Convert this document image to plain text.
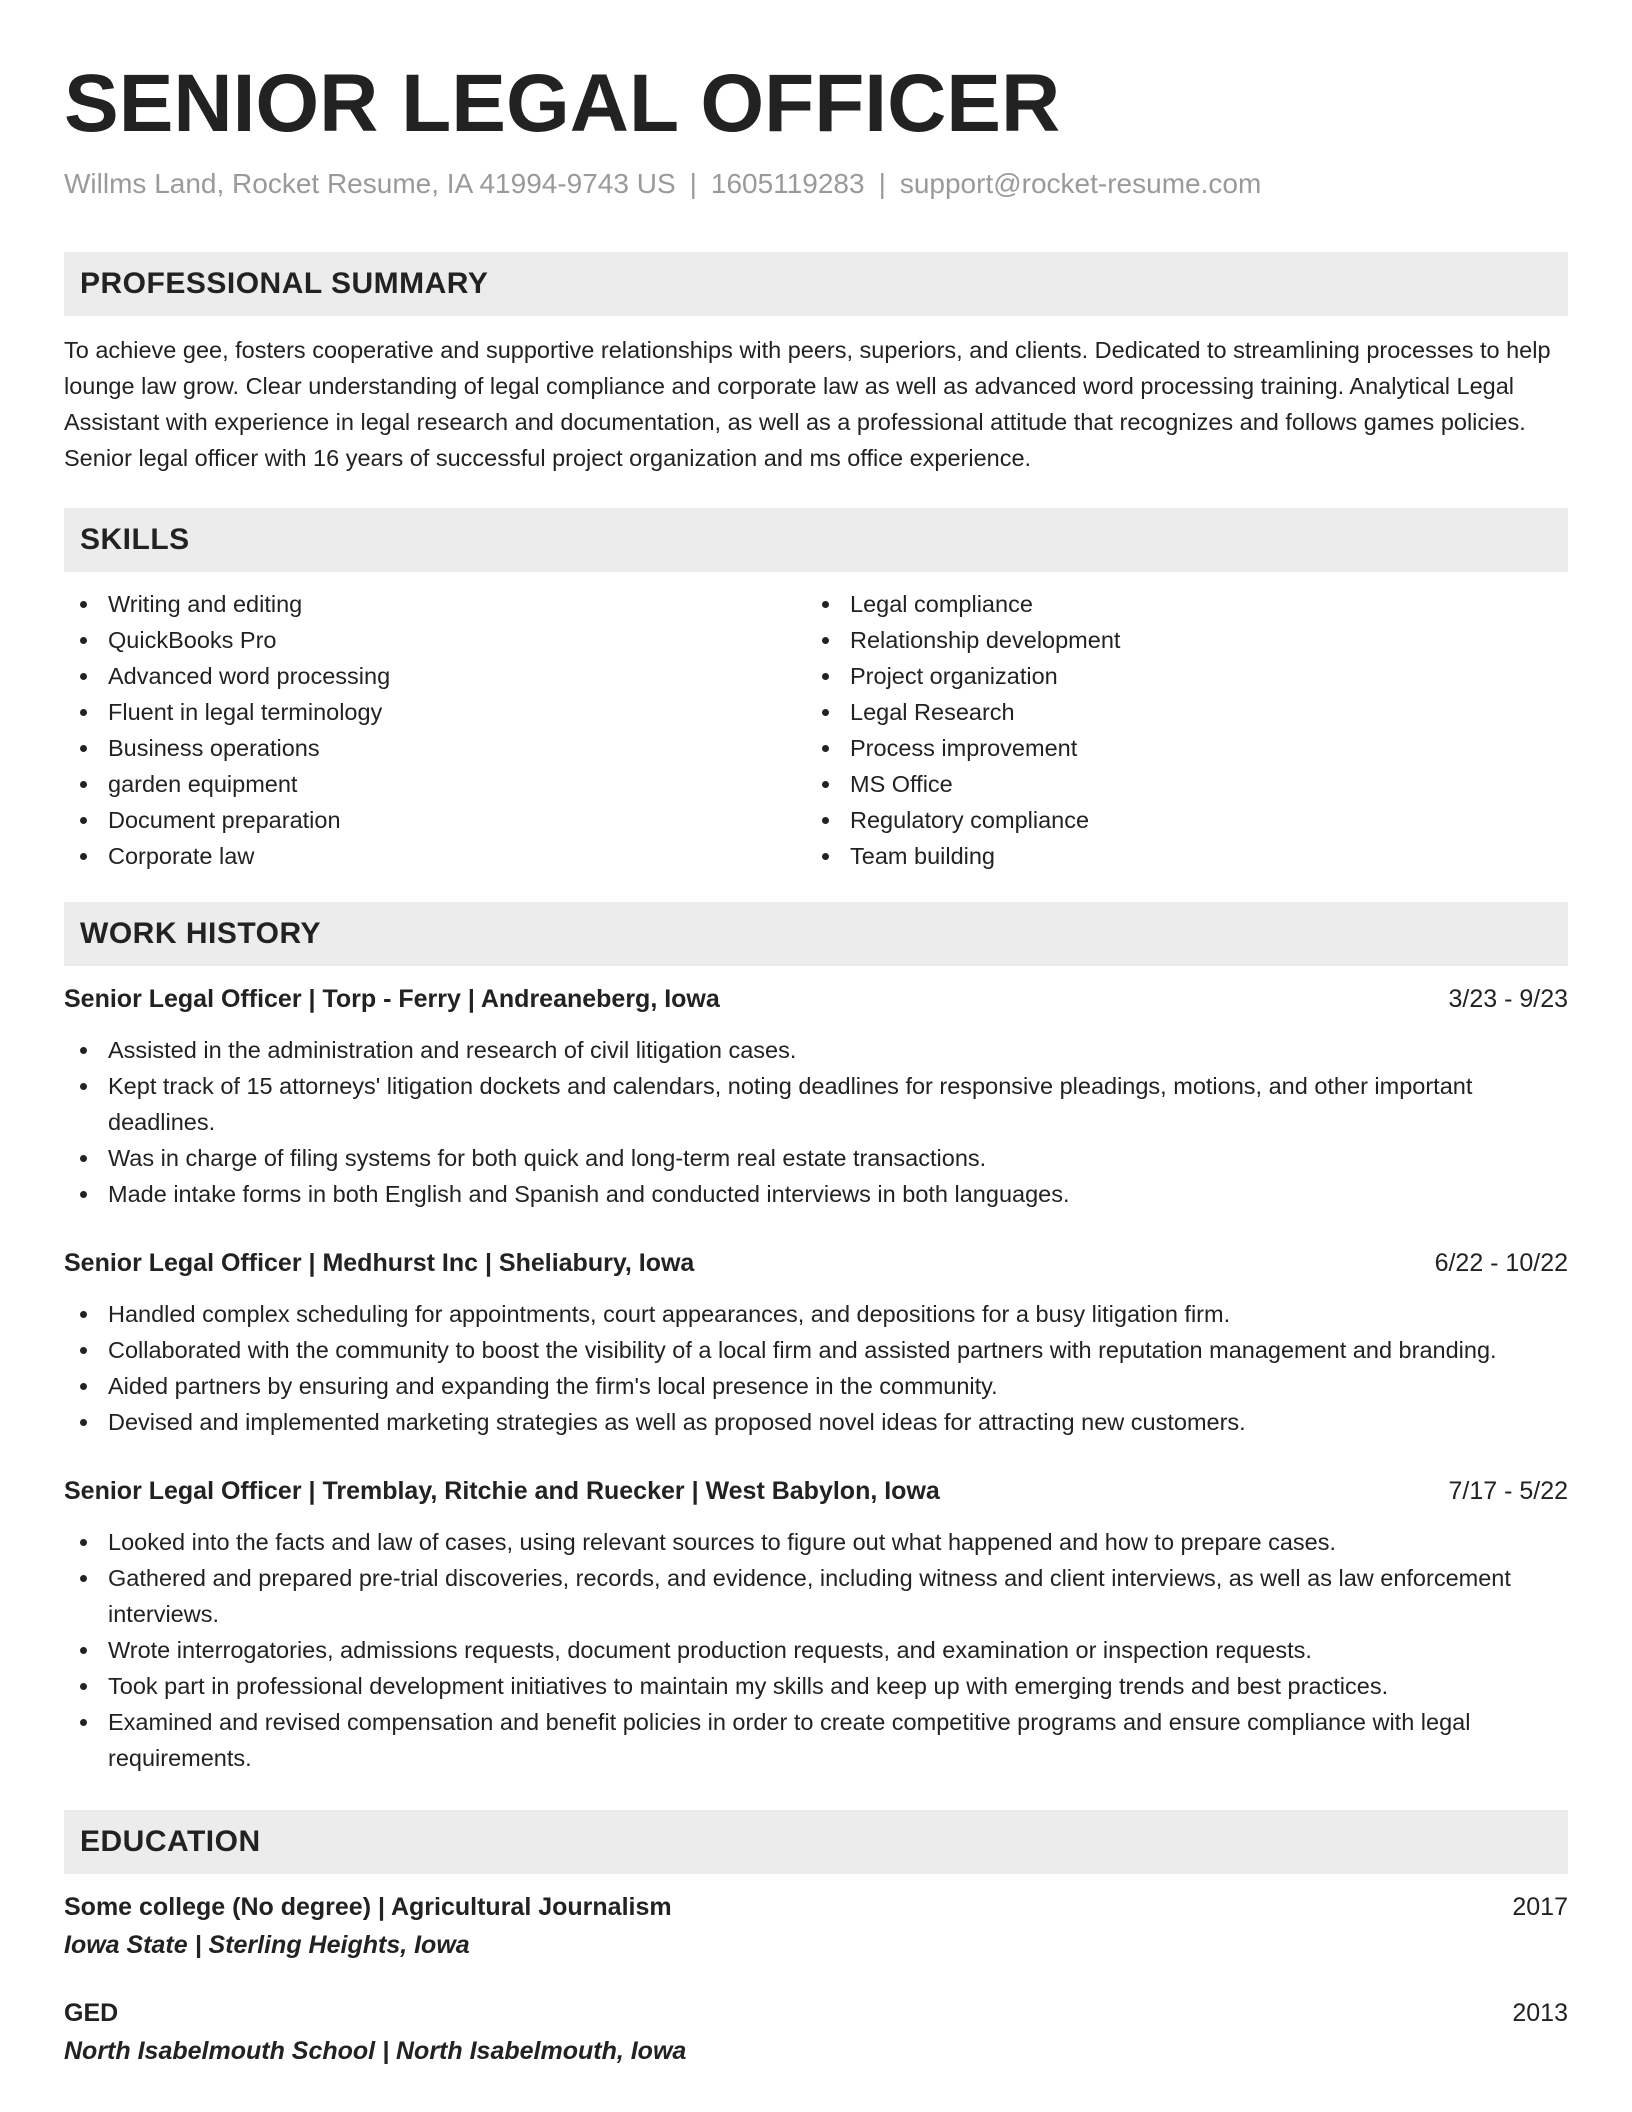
SENIOR LEGAL OFFICER
Willms Land, Rocket Resume, IA 41994-9743 US | 1605119283 | support@rocket-resume.com
PROFESSIONAL SUMMARY

To achieve gee, fosters cooperative and supportive relationships with peers, superiors, and clients. Dedicated to streamlining processes to help lounge law grow. Clear understanding of legal compliance and corporate law as well as advanced word processing training. Analytical Legal Assistant with experience in legal research and documentation, as well as a professional attitude that recognizes and follows games policies. Senior legal officer with 16 years of successful project organization and ms office experience.

SKILLS
Writing and editing
QuickBooks Pro
Advanced word processing
Fluent in legal terminology
Business operations
garden equipment
Document preparation
Corporate law
Legal compliance
Relationship development
Project organization
Legal Research
Process improvement
MS Office
Regulatory compliance
Team building
WORK HISTORY
Senior Legal Officer | Torp - Ferry | Andreaneberg, Iowa	3/23 - 9/23
Assisted in the administration and research of civil litigation cases.
Kept track of 15 attorneys' litigation dockets and calendars, noting deadlines for responsive pleadings, motions, and other important deadlines.
Was in charge of filing systems for both quick and long-term real estate transactions.
Made intake forms in both English and Spanish and conducted interviews in both languages.
Senior Legal Officer | Medhurst Inc | Sheliabury, Iowa	6/22 - 10/22
Handled complex scheduling for appointments, court appearances, and depositions for a busy litigation firm.
Collaborated with the community to boost the visibility of a local firm and assisted partners with reputation management and branding.
Aided partners by ensuring and expanding the firm's local presence in the community.
Devised and implemented marketing strategies as well as proposed novel ideas for attracting new customers.
Senior Legal Officer | Tremblay, Ritchie and Ruecker | West Babylon, Iowa	7/17 - 5/22
Looked into the facts and law of cases, using relevant sources to figure out what happened and how to prepare cases.
Gathered and prepared pre-trial discoveries, records, and evidence, including witness and client interviews, as well as law enforcement interviews.
Wrote interrogatories, admissions requests, document production requests, and examination or inspection requests.
Took part in professional development initiatives to maintain my skills and keep up with emerging trends and best practices.
Examined and revised compensation and benefit policies in order to create competitive programs and ensure compliance with legal requirements.
EDUCATION
Some college (No degree) | Agricultural Journalism	2017
Iowa State | Sterling Heights, Iowa
GED	2013
North Isabelmouth School | North Isabelmouth, Iowa
